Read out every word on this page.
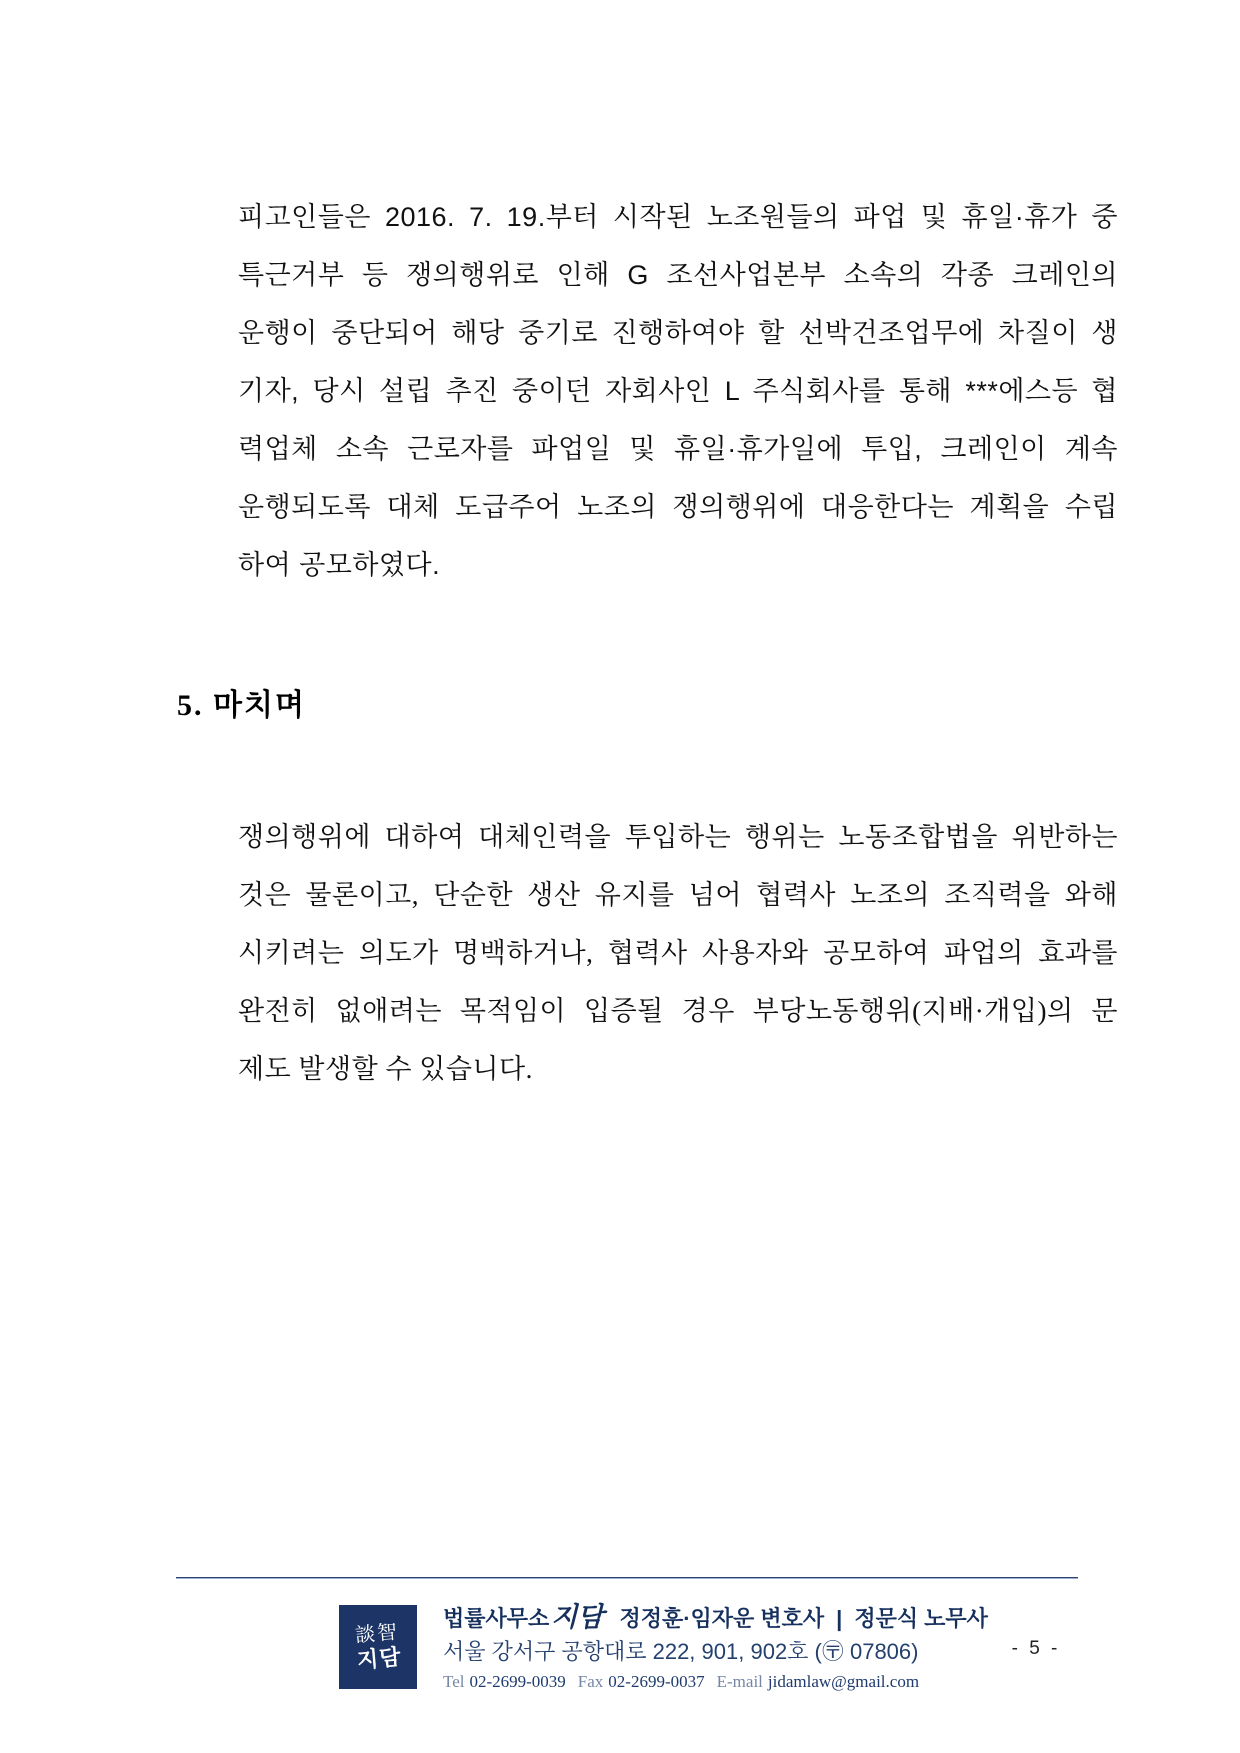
피고인들은 2016. 7. 19.부터 시작된 노조원들의 파업 및 휴일·휴가 중
특근거부 등 쟁의행위로 인해 G 조선사업본부 소속의 각종 크레인의
운행이 중단되어 해당 중기로 진행하여야 할 선박건조업무에 차질이 생
기자, 당시 설립 추진 중이던 자회사인 L 주식회사를 통해 ***에스등 협
력업체 소속 근로자를 파업일 및 휴일·휴가일에 투입, 크레인이 계속
운행되도록 대체 도급주어 노조의 쟁의행위에 대응한다는 계획을 수립
하여 공모하였다.
5. 마치며
쟁의행위에 대하여 대체인력을 투입하는 행위는 노동조합법을 위반하는
것은 물론이고, 단순한 생산 유지를 넘어 협력사 노조의 조직력을 와해
시키려는 의도가 명백하거나, 협력사 사용자와 공모하여 파업의 효과를
완전히 없애려는 목적임이 입증될 경우 부당노동행위(지배·개입)의 문
제도 발생할 수 있습니다.
談智
지담
법률사무소 지담 정정훈·임자운 변호사 | 정문식 노무사
서울 강서구 공항대로 222, 901, 902호 (〶 07806)
Tel 02-2699-0039 Fax 02-2699-0037 E-mail jidamlaw@gmail.com
- 5 -
